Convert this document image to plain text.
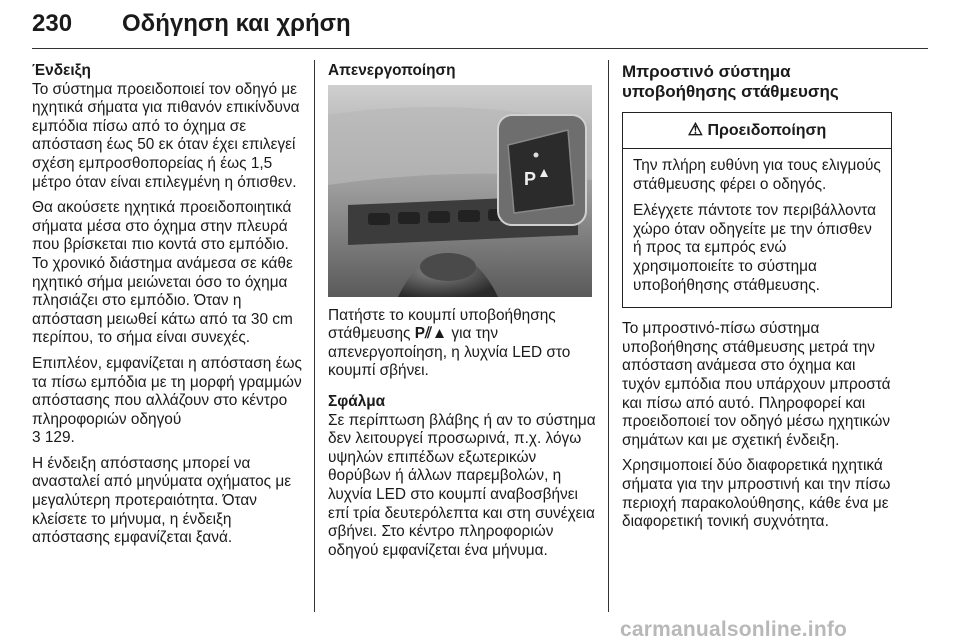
230 Οδήγηση και χρήση

Ένδειξη

Το σύστημα προειδοποιεί τον οδηγό με ηχητικά σήματα για πιθανόν επικίνδυνα εμπόδια πίσω από το όχημα σε απόσταση έως 50 εκ όταν έχει επιλεγεί σχέση εμπροσθοπορείας ή έως 1,5 μέτρο όταν είναι επιλεγμένη η όπισθεν.

Θα ακούσετε ηχητικά προειδοποιητικά σήματα μέσα στο όχημα στην πλευρά που βρίσκεται πιο κοντά στο εμπόδιο. Το χρονικό διάστημα ανάμεσα σε κάθε ηχητικό σήμα μειώνεται όσο το όχημα πλησιάζει στο εμπόδιο. Όταν η απόσταση μειωθεί κάτω από τα 30 cm περίπου, το σήμα είναι συνεχές.

Επιπλέον, εμφανίζεται η απόσταση έως τα πίσω εμπόδια με τη μορφή γραμμών απόστασης που αλλάζουν στο κέντρο πληροφοριών οδηγού
3 129.

Η ένδειξη απόστασης μπορεί να ανασταλεί από μηνύματα οχήματος με μεγαλύτερη προτεραιότητα. Όταν κλείσετε το μήνυμα, η ένδειξη απόστασης εμφανίζεται ξανά.

Απενεργοποίηση

P

Πατήστε το κουμπί υποβοήθησης στάθμευσης P⫽▲ για την απενεργοποίηση, η λυχνία LED στο κουμπί σβήνει.

Σφάλμα

Σε περίπτωση βλάβης ή αν το σύστημα δεν λειτουργεί προσωρινά, π.χ. λόγω υψηλών επιπέδων εξωτερικών θορύβων ή άλλων παρεμβολών, η λυχνία LED στο κουμπί αναβοσβήνει επί τρία δευτερόλεπτα και στη συνέχεια σβήνει. Στο κέντρο πληροφοριών οδηγού εμφανίζεται ένα μήνυμα.

Μπροστινό σύστημα υποβοήθησης στάθμευσης

⚠ Προειδοποίηση

Την πλήρη ευθύνη για τους ελιγμούς στάθμευσης φέρει ο οδηγός.

Ελέγχετε πάντοτε τον περιβάλλοντα χώρο όταν οδηγείτε με την όπισθεν ή προς τα εμπρός ενώ χρησιμοποιείτε το σύστημα υποβοήθησης στάθμευσης.

Το μπροστινό-πίσω σύστημα υποβοήθησης στάθμευσης μετρά την απόσταση ανάμεσα στο όχημα και τυχόν εμπόδια που υπάρχουν μπροστά και πίσω από αυτό. Πληροφορεί και προειδοποιεί τον οδηγό μέσω ηχητικών σημάτων και με σχετική ένδειξη.

Χρησιμοποιεί δύο διαφορετικά ηχητικά σήματα για την μπροστινή και την πίσω περιοχή παρακολούθησης, κάθε ένα με διαφορετική τονική συχνότητα.

carmanualsonline.info
